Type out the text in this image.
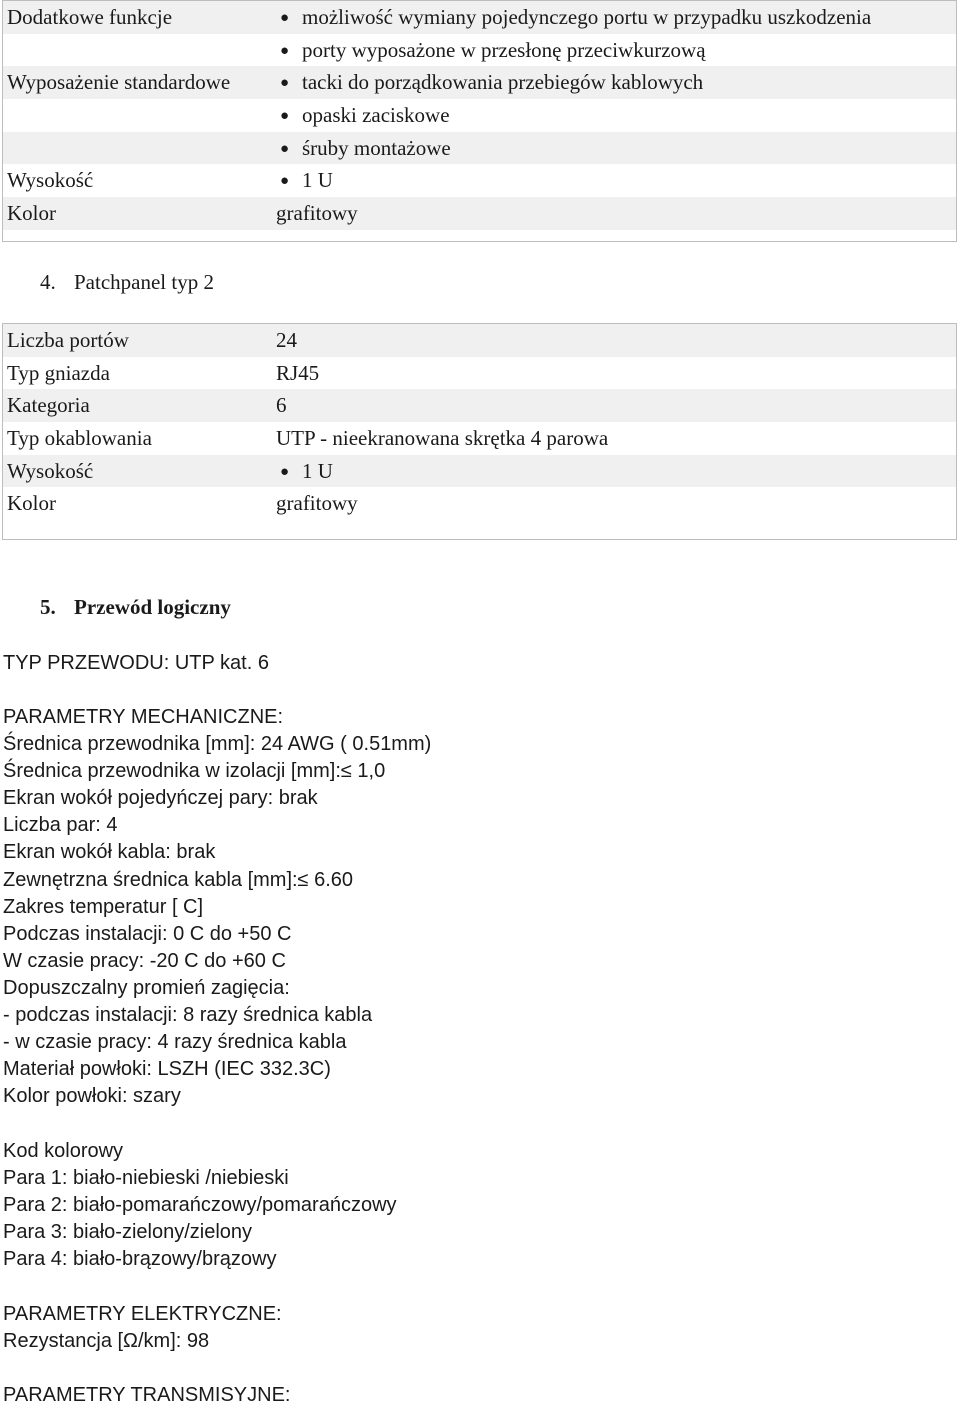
Dodatkowe funkcje	● możliwość wymiany pojedynczego portu w przypadku uszkodzenia
● porty wyposażone w przesłonę przeciwkurzową
Wyposażenie standardowe	● tacki do porządkowania przebiegów kablowych
● opaski zaciskowe
● śruby montażowe
Wysokość	● 1 U
Kolor	grafitowy
4. Patchpanel typ 2
Liczba portów	24
Typ gniazda	RJ45
Kategoria	6
Typ okablowania	UTP - nieekranowana skrętka 4 parowa
Wysokość	● 1 U
Kolor	grafitowy
5. Przewód logiczny
TYP PRZEWODU: UTP kat. 6
PARAMETRY MECHANICZNE:
Średnica przewodnika [mm]: 24 AWG ( 0.51mm)
Średnica przewodnika w izolacji [mm]:≤ 1,0
Ekran wokół pojedyńczej pary: brak
Liczba par: 4
Ekran wokół kabla: brak
Zewnętrzna średnica kabla [mm]:≤ 6.60
Zakres temperatur [ C]
Podczas instalacji: 0 C do +50 C
W czasie pracy: -20 C do +60 C
Dopuszczalny promień zagięcia:
- podczas instalacji: 8 razy średnica kabla
- w czasie pracy: 4 razy średnica kabla
Materiał powłoki: LSZH (IEC 332.3C)
Kolor powłoki: szary
Kod kolorowy
Para 1: biało-niebieski /niebieski
Para 2: biało-pomarańczowy/pomarańczowy
Para 3: biało-zielony/zielony
Para 4: biało-brązowy/brązowy
PARAMETRY ELEKTRYCZNE:
Rezystancja [Ω/km]: 98
PARAMETRY TRANSMISYJNE:
